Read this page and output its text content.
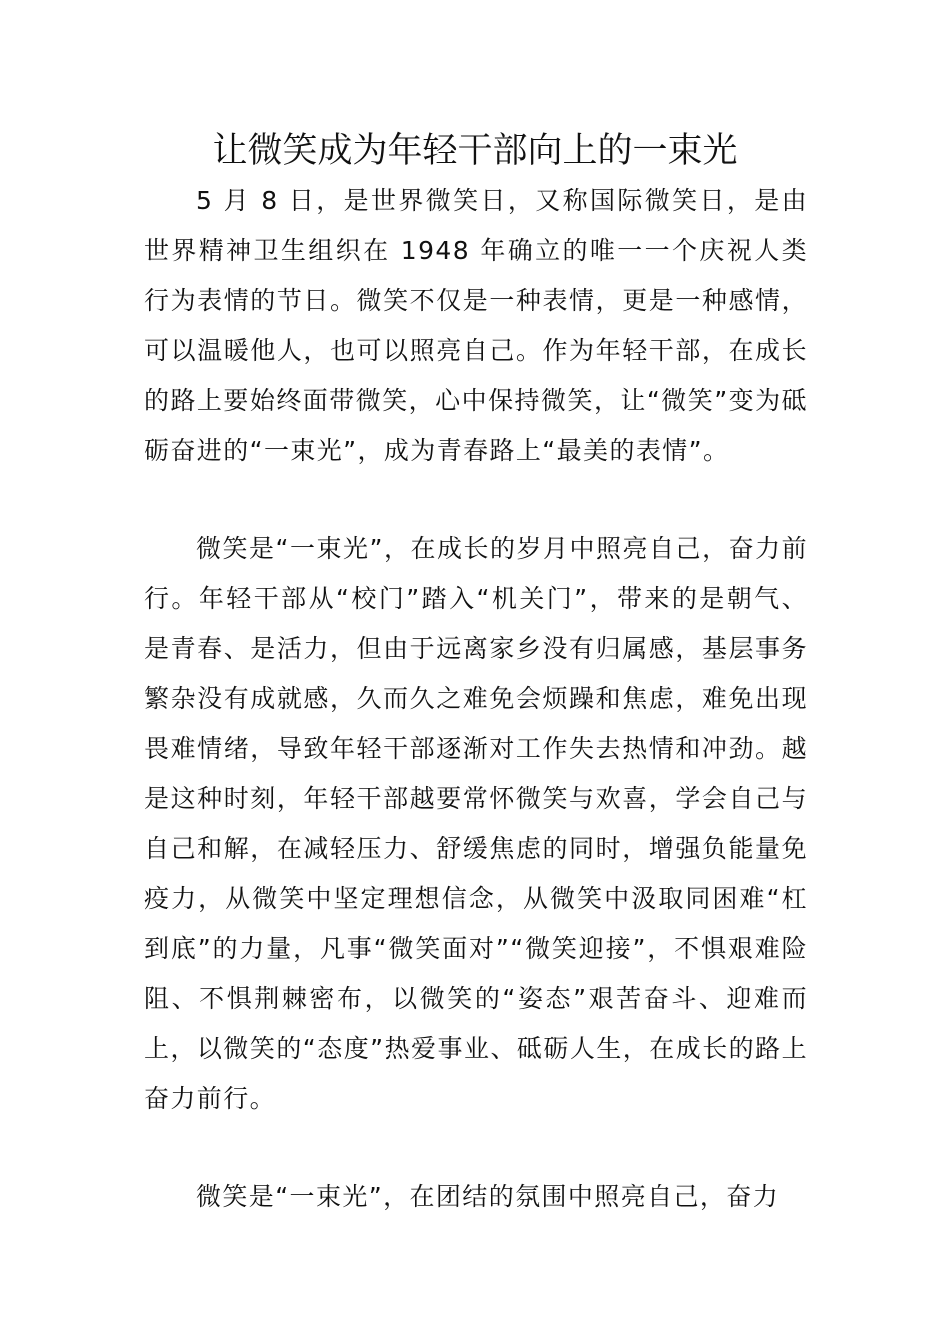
让微笑成为年轻干部向上的一束光

5 月 8 日，是世界微笑日，又称国际微笑日，是由世界精神卫生组织在 1948 年确立的唯一一个庆祝人类行为表情的节日。微笑不仅是一种表情，更是一种感情，可以温暖他人，也可以照亮自己。作为年轻干部，在成长的路上要始终面带微笑，心中保持微笑，让“微笑”变为砥砺奋进的“一束光”，成为青春路上“最美的表情”。

微笑是“一束光”，在成长的岁月中照亮自己，奋力前行。年轻干部从“校门”踏入“机关门”，带来的是朝气、是青春、是活力，但由于远离家乡没有归属感，基层事务繁杂没有成就感，久而久之难免会烦躁和焦虑，难免出现畏难情绪，导致年轻干部逐渐对工作失去热情和冲劲。越是这种时刻，年轻干部越要常怀微笑与欢喜，学会自己与自己和解，在减轻压力、舒缓焦虑的同时，增强负能量免疫力，从微笑中坚定理想信念，从微笑中汲取同困难“杠到底”的力量，凡事“微笑面对”“微笑迎接”，不惧艰难险阻、不惧荆棘密布，以微笑的“姿态”艰苦奋斗、迎难而上，以微笑的“态度”热爱事业、砥砺人生，在成长的路上奋力前行。

微笑是“一束光”，在团结的氛围中照亮自己，奋力
